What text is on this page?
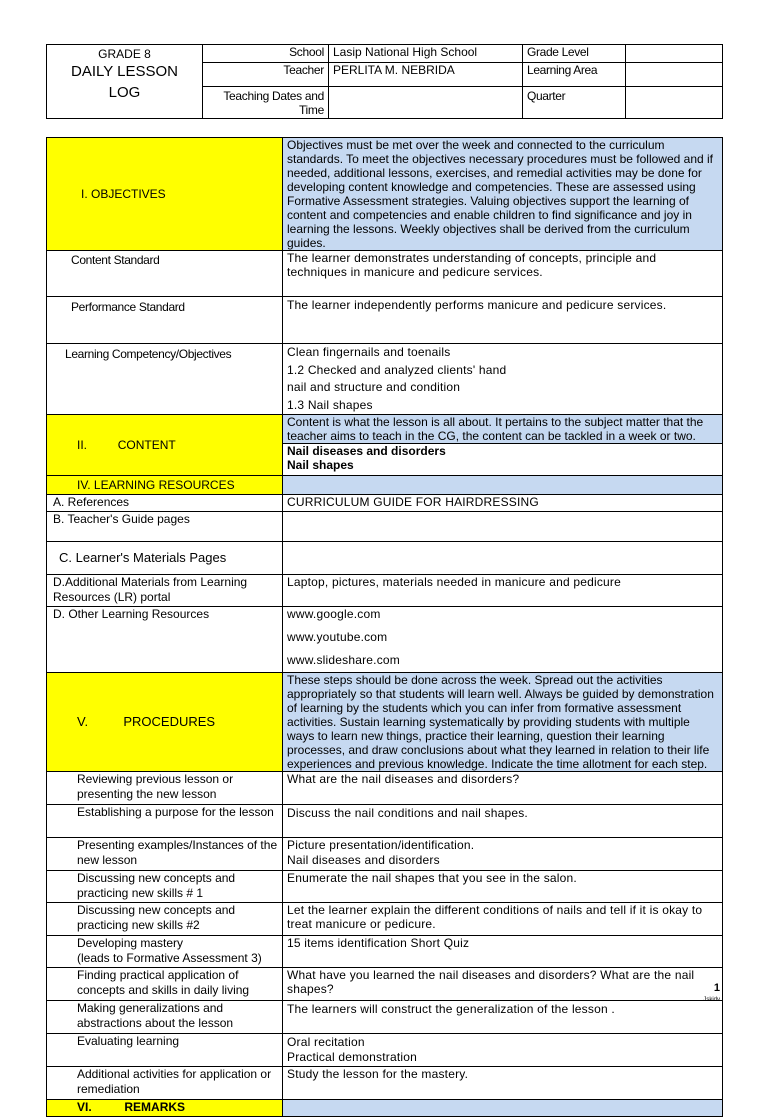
GRADE 8
DAILY LESSON
LOG	School	Lasip National High School	Grade Level	
	Teacher	PERLITA M. NEBRIDA	Learning Area	
	Teaching Dates and Time		Quarter	
I. OBJECTIVES	Objectives must be met over the week and connected to the curriculum standards. To meet the objectives necessary procedures must be followed and if needed, additional lessons, exercises, and remedial activities may be done for developing content knowledge and competencies. These are assessed using Formative Assessment strategies. Valuing objectives support the learning of content and competencies and enable children to find significance and joy in learning the lessons. Weekly objectives shall be derived from the curriculum guides.
Content Standard	The learner demonstrates understanding of concepts, principle and techniques in manicure and pedicure services.
Performance Standard	The learner independently performs manicure and pedicure services.
Learning Competency/Objectives	Clean fingernails and toenails
1.2 Checked and analyzed clients' hand
nail and structure and condition
1.3 Nail shapes

II. CONTENT	Content is what the lesson is all about. It pertains to the subject matter that the teacher aims to teach in the CG, the content can be tackled in a week or two.

	Nail diseases and disorders
Nail shapes

IV. LEARNING RESOURCES	
A. References	CURRICULUM GUIDE FOR HAIRDRESSING
B. Teacher's Guide pages	
C. Learner's Materials Pages	
D.Additional Materials from Learning Resources (LR) portal	Laptop, pictures, materials needed in manicure and pedicure
D. Other Learning Resources	www.google.com
www.youtube.com
www.slideshare.com

V. PROCEDURES	These steps should be done across the week. Spread out the activities appropriately so that students will learn well. Always be guided by demonstration of learning by the students which you can infer from formative assessment activities. Sustain learning systematically by providing students with multiple ways to learn new things, practice their learning, question their learning processes, and draw conclusions about what they learned in relation to their life experiences and previous knowledge. Indicate the time allotment for each step.
Reviewing previous lesson or presenting the new lesson	What are the nail diseases and disorders?
Establishing a purpose for the lesson	Discuss the nail conditions and nail shapes.
Presenting examples/Instances of the new lesson	Picture presentation/identification.
Nail diseases and disorders

Discussing new concepts and practicing new skills # 1	Enumerate the nail shapes that you see in the salon.
Discussing new concepts and practicing new skills #2	Let the learner explain the different conditions of nails and tell if it is okay to treat manicure or pedicure.

Developing mastery
(leads to Formative Assessment 3)	15 items identification Short Quiz
Finding practical application of concepts and skills in daily living	What have you learned the nail diseases and disorders? What are the nail shapes?
Making generalizations and abstractions about the lesson	The learners will construct the generalization of the lesson .
Evaluating learning	Oral recitation
Practical demonstration

Additional activities for application or remediation	Study the lesson for the mastery.
VI. REMARKS	
1
Jskidv
